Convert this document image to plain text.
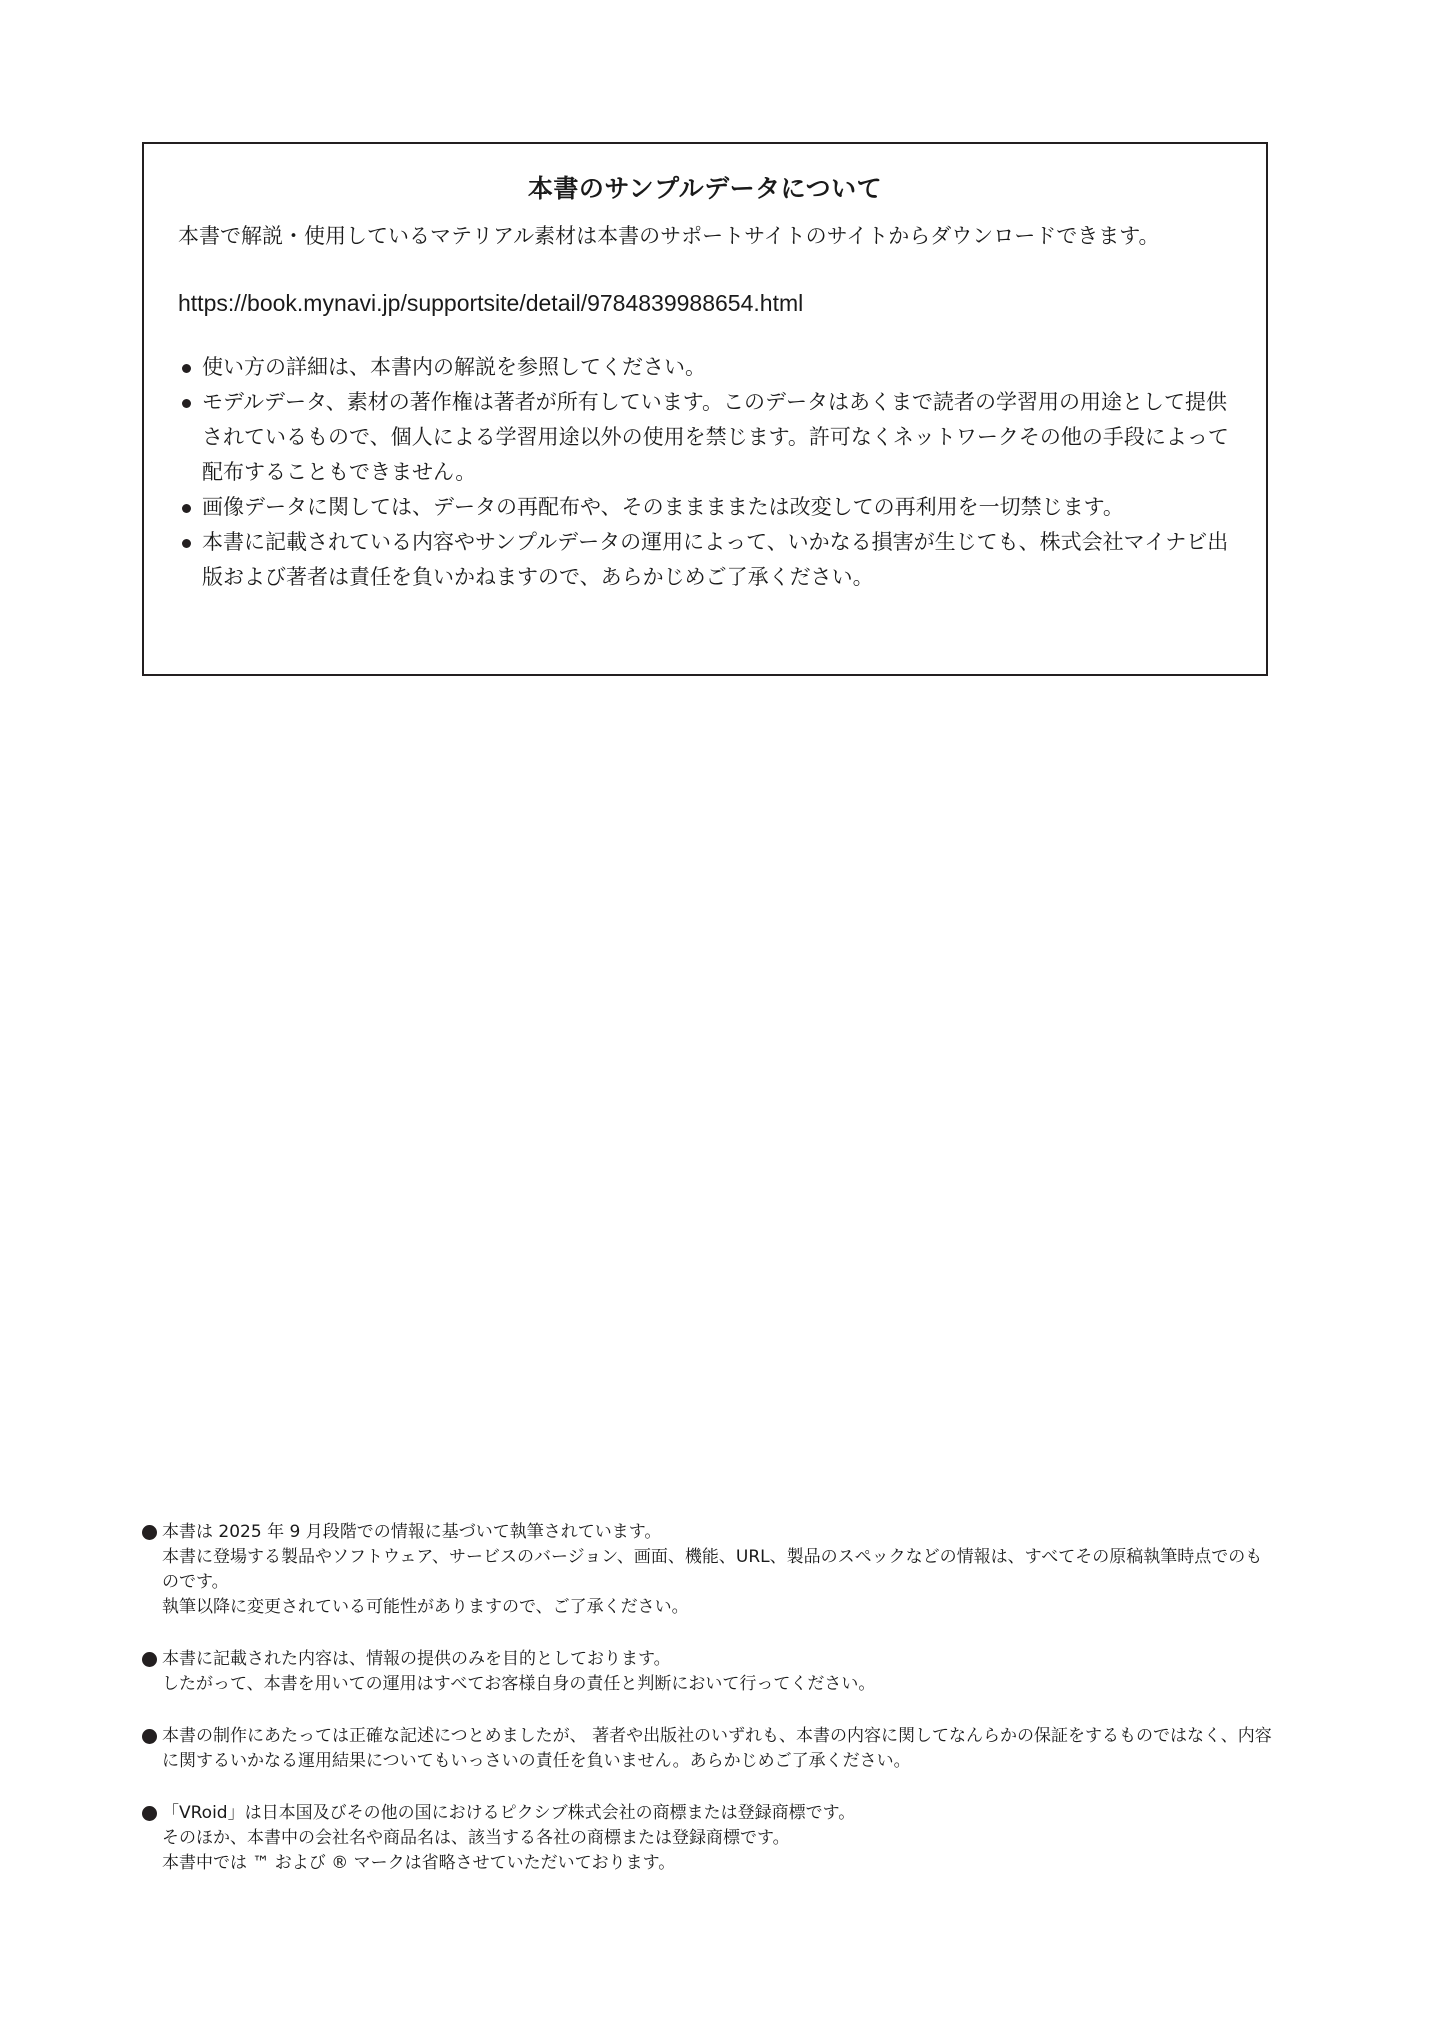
本書のサンプルデータについて

本書で解説・使用しているマテリアル素材は本書のサポートサイトのサイトからダウンロードできます。

https://book.mynavi.jp/supportsite/detail/9784839988654.html

使い方の詳細は、本書内の解説を参照してください。
モデルデータ、素材の著作権は著者が所有しています。このデータはあくまで読者の学習用の用途として提供されているもので、個人による学習用途以外の使用を禁じます。許可なくネットワークその他の手段によって配布することもできません。
画像データに関しては、データの再配布や、そのままままたは改変しての再利用を一切禁じます。
本書に記載されている内容やサンプルデータの運用によって、いかなる損害が生じても、株式会社マイナビ出版および著者は責任を負いかねますので、あらかじめご了承ください。

本書は 2025 年 9 月段階での情報に基づいて執筆されています。

本書に登場する製品やソフトウェア、サービスのバージョン、画面、機能、URL、製品のスペックなどの情報は、すべてその原稿執筆時点でのものです。

執筆以降に変更されている可能性がありますので、ご了承ください。

本書に記載された内容は、情報の提供のみを目的としております。

したがって、本書を用いての運用はすべてお客様自身の責任と判断において行ってください。

本書の制作にあたっては正確な記述につとめましたが、 著者や出版社のいずれも、本書の内容に関してなんらかの保証をするものではなく、内容に関するいかなる運用結果についてもいっさいの責任を負いません。あらかじめご了承ください。

「VRoid」は日本国及びその他の国におけるピクシブ株式会社の商標または登録商標です。

そのほか、本書中の会社名や商品名は、該当する各社の商標または登録商標です。

本書中では ™ および ® マークは省略させていただいております。
